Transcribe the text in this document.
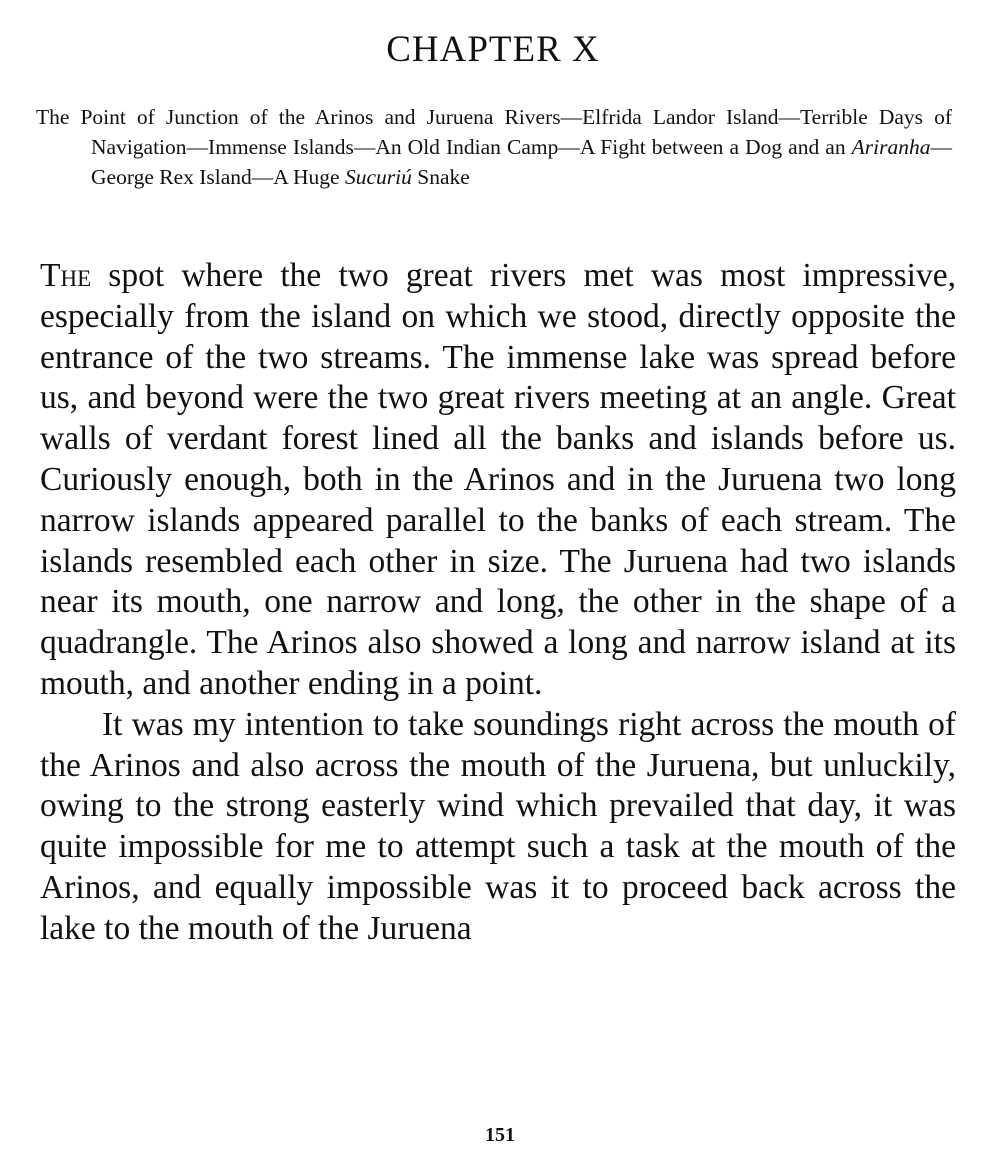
CHAPTER X

The Point of Junction of the Arinos and Juruena Rivers—Elfrida Landor Island—Terrible Days of Navigation—Immense Islands—An Old Indian Camp—A Fight between a Dog and an Ariranha—George Rex Island—A Huge Sucuriú Snake

The spot where the two great rivers met was most impressive, especially from the island on which we stood, directly opposite the entrance of the two streams. The immense lake was spread before us, and beyond were the two great rivers meeting at an angle. Great walls of verdant forest lined all the banks and islands before us. Curiously enough, both in the Arinos and in the Juruena two long narrow islands appeared parallel to the banks of each stream. The islands resembled each other in size. The Juruena had two islands near its mouth, one narrow and long, the other in the shape of a quadrangle. The Arinos also showed a long and narrow island at its mouth, and another ending in a point.

It was my intention to take soundings right across the mouth of the Arinos and also across the mouth of the Juruena, but unluckily, owing to the strong easterly wind which prevailed that day, it was quite impossible for me to attempt such a task at the mouth of the Arinos, and equally impossible was it to proceed back across the lake to the mouth of the Juruena

151
